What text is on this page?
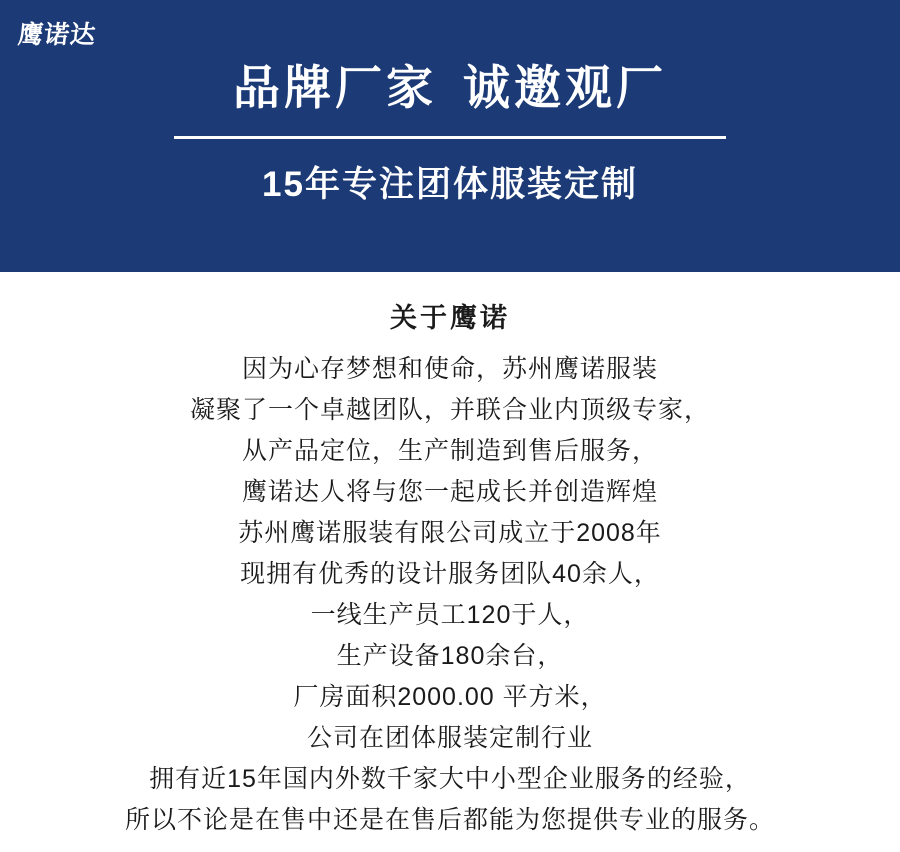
鹰诺达
品牌厂家 诚邀观厂
15年专注团体服装定制
关于鹰诺
因为心存梦想和使命，苏州鹰诺服装
凝聚了一个卓越团队，并联合业内顶级专家，
从产品定位，生产制造到售后服务，
鹰诺达人将与您一起成长并创造辉煌
苏州鹰诺服装有限公司成立于2008年
现拥有优秀的设计服务团队40余人，
一线生产员工120于人，
生产设备180余台，
厂房面积2000.00 平方米，
公司在团体服装定制行业
拥有近15年国内外数千家大中小型企业服务的经验，
所以不论是在售中还是在售后都能为您提供专业的服务。
